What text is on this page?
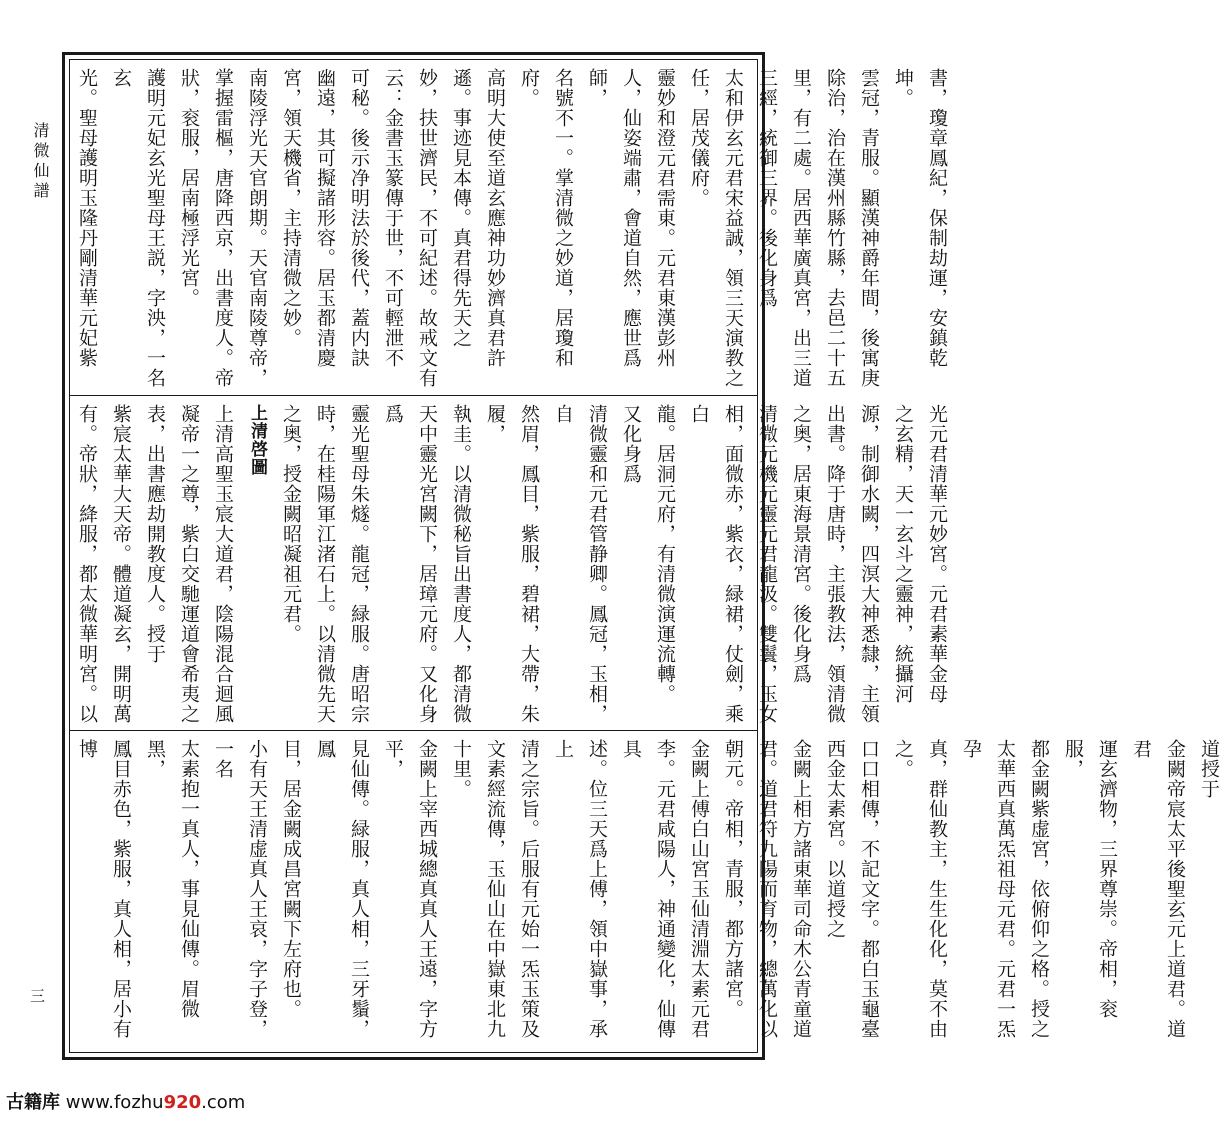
清微仙譜
三
書，瓊章鳳紀，保制劫運，安鎮乾坤。
雲冠，青服。顯漢神爵年間，後寓庚
除治，治在漢州縣竹縣，去邑二十五
里，有二處。居西華廣真宮，出三道
三經，統御三界。後化身爲
太和伊玄元君宋益誠，領三天演教之
任，居茂儀府。
靈妙和澄元君需東。元君東漢彭州
人，仙姿端肅，會道自然，應世爲師，
名號不一。掌清微之妙道，居瓊和
府。
高明大使至道玄應神功妙濟真君許
遜。事迹見本傳。真君得先天之
妙，扶世濟民，不可紀述。故戒文有
云：金書玉篆傳于世，不可輕泄不
可秘。後示净明法於後代，蓋内訣
幽遠，其可擬諸形容。居玉都清慶
宮，領天機省，主持清微之妙。
南陵浮光天官朗期。天官南陵尊帝，
掌握雷樞，唐降西京，出書度人。帝
狀，衮服，居南極浮光宮。
護明元妃玄光聖母王説，字泱，一名玄
光。聖母護明玉隆丹剛清華元妃紫
光元君清華元妙宮。元君素華金母
之玄精，天一玄斗之靈神，統攝河
源，制御水闕，四溟大神悉隸，主領
出書。降于唐時，主張教法，領清微
之奥，居東海景清宮。後化身爲
清微元機元靈元君龍汲。雙鬟，玉女
相，面微赤，紫衣，緑裙，仗劍，乘白
龍。居洞元府，有清微演運流轉。
又化身爲
清微靈和元君管静卿。鳳冠，玉相，自
然眉，鳳目，紫服，碧裙，大帶，朱履，
執圭。以清微秘旨出書度人，都清微
天中靈光宮闕下，居璋元府。又化身
爲
靈光聖母朱燧。龍冠，緑服。唐昭宗
時，在桂陽軍江渚石上。以清微先天
之奥，授金闕昭凝祖元君。
上清啓圖
上清高聖玉宸大道君，陰陽混合迴風
凝帝一之尊，紫白交馳運道會希夷之
表，出書應劫開教度人。授于
紫宸太華大天帝。體道凝玄，開明萬
有。帝狀，絳服，都太微華明宮。以
道授于
金闕帝宸太平後聖玄元上道君。道君
運玄濟物，三界尊崇。帝相，衮服，
都金闕紫虚宮，依俯仰之格。授之
太華西真萬炁祖母元君。元君一炁孕
真，群仙教主，生生化化，莫不由之。
口口相傳，不記文字。都白玉龜臺
西金太素宮。以道授之
金闕上相方諸東華司命木公青童道
君。道君符九陽而育物，總萬化以
朝元。帝相，青服，都方諸宮。
金闕上傅白山宮玉仙清淵太素元君
李。元君咸陽人，神通變化，仙傳具
述。位三天爲上傅，領中嶽事，承上
清之宗旨。后服有元始一炁玉策及
文素經流傳，玉仙山在中嶽東北九
十里。
金闕上宰西城總真真人王遠，字方平，
見仙傳。緑服，真人相，三牙鬚，鳳
目，居金闕成昌宮闕下左府也。
小有天王清虚真人王哀，字子登，一名
太素抱一真人，事見仙傳。眉微黑，
鳳目赤色，紫服，真人相，居小有博
古籍库 www.fozhu920.com
